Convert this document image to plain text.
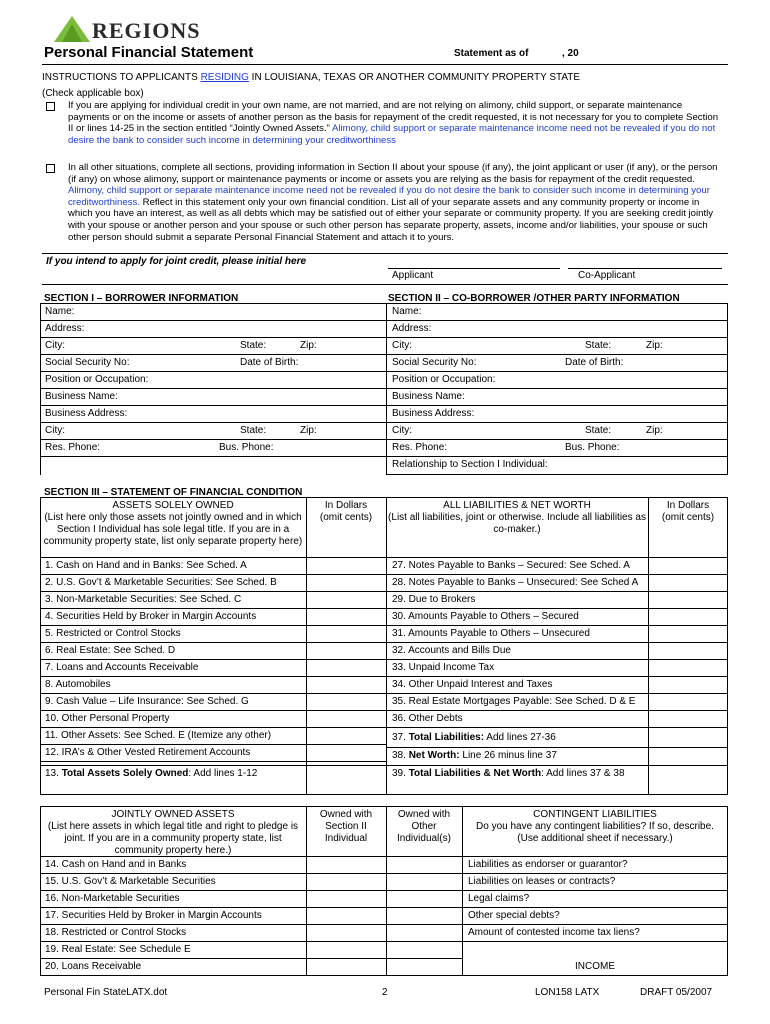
REGIONS
Personal Financial Statement	Statement as of	, 20
INSTRUCTIONS TO APPLICANTS RESIDING IN LOUISIANA, TEXAS OR ANOTHER COMMUNITY PROPERTY STATE
(Check applicable box)
If you are applying for individual credit in your own name, are not married, and are not relying on alimony, child support, or separate maintenance payments or on the income or assets of another person as the basis for repayment of the credit requested, it is not necessary for you to complete Section II or lines 14-25 in the section entitled “Jointly Owned Assets.” Alimony, child support or separate maintenance income need not be revealed if you do not desire the bank to consider such income in determining your creditworthiness
In all other situations, complete all sections, providing information in Section II about your spouse (if any), the joint applicant or user (if any), or the person (if any) on whose alimony, support or maintenance payments or income or assets you are relying as the basis for repayment of the credit requested. Alimony, child support or separate maintenance income need not be revealed if you do not desire the bank to consider such income in determining your creditworthiness. Reflect in this statement only your own financial condition. List all of your separate assets and any community property or income in which you have an interest, as well as all debts which may be satisfied out of either your separate or community property. If you are seeking credit jointly with your spouse or another person and your spouse or such other person has separate property, assets, income and/or liabilities, your spouse or such other person should submit a separate Personal Financial Statement and attach it to yours.
If you intend to apply for joint credit, please initial here
Applicant	Co-Applicant
SECTION I – BORROWER INFORMATION	SECTION II – CO-BORROWER /OTHER PARTY INFORMATION
Name:
Address:
City:	State:	Zip:
Social Security No:	Date of Birth:
Position or Occupation:
Business Name:
Business Address:
City:	State:	Zip:
Res. Phone:	Bus. Phone:
Name:
Address:
City:	State:	Zip:
Social Security No:	Date of Birth:
Position or Occupation:
Business Name:
Business Address:
City:	State:	Zip:
Res. Phone:	Bus. Phone:
Relationship to Section I Individual:
SECTION III – STATEMENT OF FINANCIAL CONDITION
ASSETS SOLELY OWNED
(List here only those assets not jointly owned and in which Section I Individual has sole legal title. If you are in a community property state, list only separate property here)
In Dollars
(omit cents)
ALL LIABILITIES & NET WORTH
(List all liabilities, joint or otherwise. Include all liabilities as co-maker.)
In Dollars
(omit cents)
1. Cash on Hand and in Banks: See Sched. A
2. U.S. Gov’t & Marketable Securities: See Sched. B
3. Non-Marketable Securities: See Sched. C
4. Securities Held by Broker in Margin Accounts
5. Restricted or Control Stocks
6. Real Estate: See Sched. D
7. Loans and Accounts Receivable
8. Automobiles
9. Cash Value – Life Insurance: See Sched. G
10. Other Personal Property
11. Other Assets: See Sched. E (Itemize any other)
12. IRA’s & Other Vested Retirement Accounts
13. Total Assets Solely Owned: Add lines 1-12
27. Notes Payable to Banks – Secured: See Sched. A
28. Notes Payable to Banks – Unsecured: See Sched A
29. Due to Brokers
30. Amounts Payable to Others – Secured
31. Amounts Payable to Others – Unsecured
32. Accounts and Bills Due
33. Unpaid Income Tax
34. Other Unpaid Interest and Taxes
35. Real Estate Mortgages Payable: See Sched. D & E
36. Other Debts
37. Total Liabilities: Add lines 27-36
38. Net Worth: Line 26 minus line 37
39. Total Liabilities & Net Worth: Add lines 37 & 38
JOINTLY OWNED ASSETS
(List here assets in which legal title and right to pledge is joint. If you are in a community property state, list community property here.)
Owned with Section II Individual
Owned with Other Individual(s)
CONTINGENT LIABILITIES
Do you have any contingent liabilities? If so, describe. (Use additional sheet if necessary.)
14. Cash on Hand and in Banks
15. U.S. Gov’t & Marketable Securities
16. Non-Marketable Securities
17. Securities Held by Broker in Margin Accounts
18. Restricted or Control Stocks
19. Real Estate: See Schedule E
20. Loans Receivable
Liabilities as endorser or guarantor?
Liabilities on leases or contracts?
Legal claims?
Other special debts?
Amount of contested income tax liens?
INCOME
Personal Fin StateLATX.dot	2	LON158 LATX	DRAFT 05/2007
